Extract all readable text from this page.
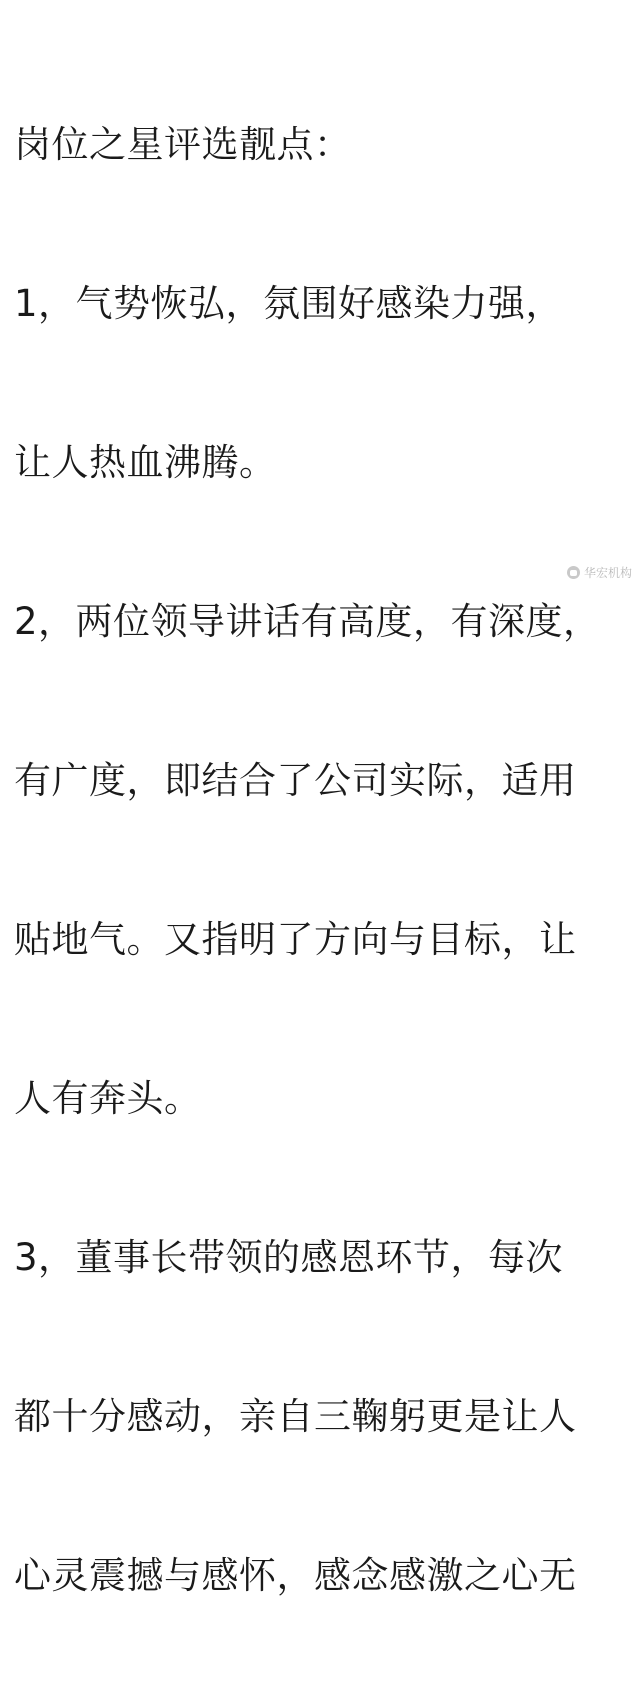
岗位之星评选靓点：

1，气势恢弘，氛围好感染力强，

让人热血沸腾。

2，两位领导讲话有高度，有深度，

有广度，即结合了公司实际，适用

贴地气。又指明了方向与目标，让

人有奔头。

3，董事长带领的感恩环节，每次

都十分感动，亲自三鞠躬更是让人

心灵震撼与感怀，感念感激之心无

华宏机构
